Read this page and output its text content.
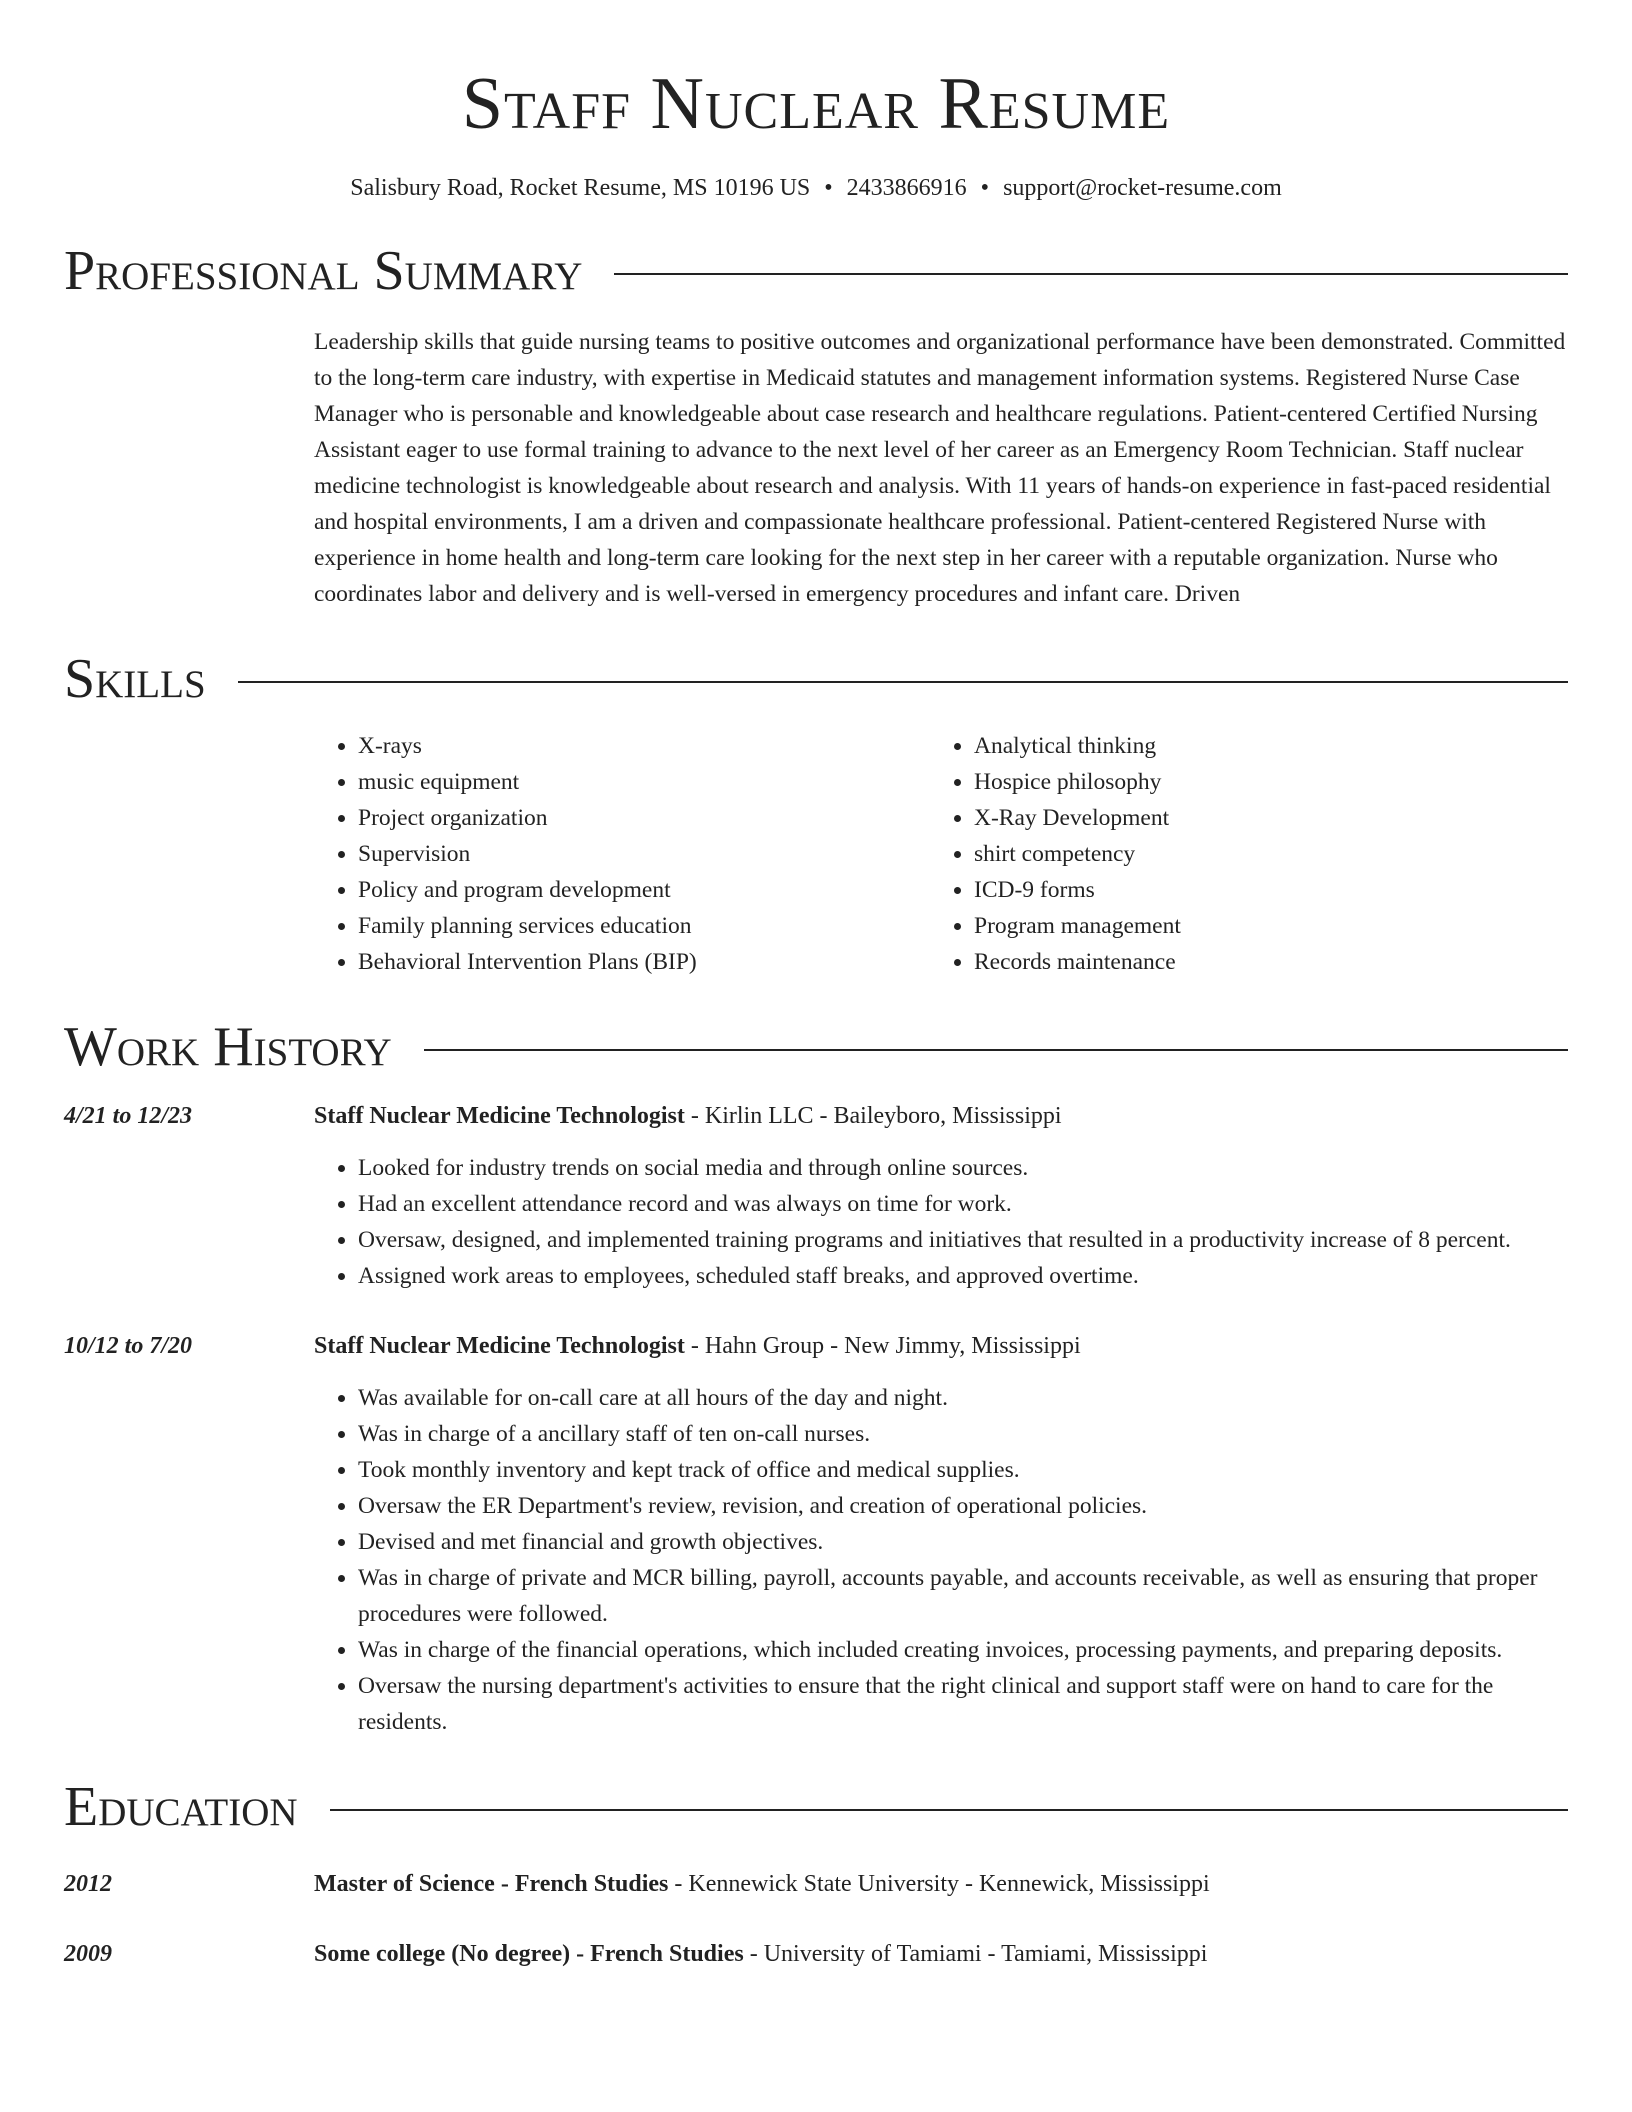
Staff Nuclear Resume
Salisbury Road, Rocket Resume, MS 10196 US • 2433866916 • support@rocket-resume.com
Professional Summary
Leadership skills that guide nursing teams to positive outcomes and organizational performance have been demonstrated. Committed to the long-term care industry, with expertise in Medicaid statutes and management information systems. Registered Nurse Case Manager who is personable and knowledgeable about case research and healthcare regulations. Patient-centered Certified Nursing Assistant eager to use formal training to advance to the next level of her career as an Emergency Room Technician. Staff nuclear medicine technologist is knowledgeable about research and analysis. With 11 years of hands-on experience in fast-paced residential and hospital environments, I am a driven and compassionate healthcare professional. Patient-centered Registered Nurse with experience in home health and long-term care looking for the next step in her career with a reputable organization. Nurse who coordinates labor and delivery and is well-versed in emergency procedures and infant care. Driven
Skills
• X-rays
• music equipment
• Project organization
• Supervision
• Policy and program development
• Family planning services education
• Behavioral Intervention Plans (BIP)
• Analytical thinking
• Hospice philosophy
• X-Ray Development
• shirt competency
• ICD-9 forms
• Program management
• Records maintenance
Work History
4/21 to 12/23	Staff Nuclear Medicine Technologist - Kirlin LLC - Baileyboro, Mississippi
• Looked for industry trends on social media and through online sources.
• Had an excellent attendance record and was always on time for work.
• Oversaw, designed, and implemented training programs and initiatives that resulted in a productivity increase of 8 percent.
• Assigned work areas to employees, scheduled staff breaks, and approved overtime.
10/12 to 7/20	Staff Nuclear Medicine Technologist - Hahn Group - New Jimmy, Mississippi
• Was available for on-call care at all hours of the day and night.
• Was in charge of a ancillary staff of ten on-call nurses.
• Took monthly inventory and kept track of office and medical supplies.
• Oversaw the ER Department's review, revision, and creation of operational policies.
• Devised and met financial and growth objectives.
• Was in charge of private and MCR billing, payroll, accounts payable, and accounts receivable, as well as ensuring that proper procedures were followed.
• Was in charge of the financial operations, which included creating invoices, processing payments, and preparing deposits.
• Oversaw the nursing department's activities to ensure that the right clinical and support staff were on hand to care for the residents.
Education
2012	Master of Science - French Studies - Kennewick State University - Kennewick, Mississippi
2009	Some college (No degree) - French Studies - University of Tamiami - Tamiami, Mississippi
